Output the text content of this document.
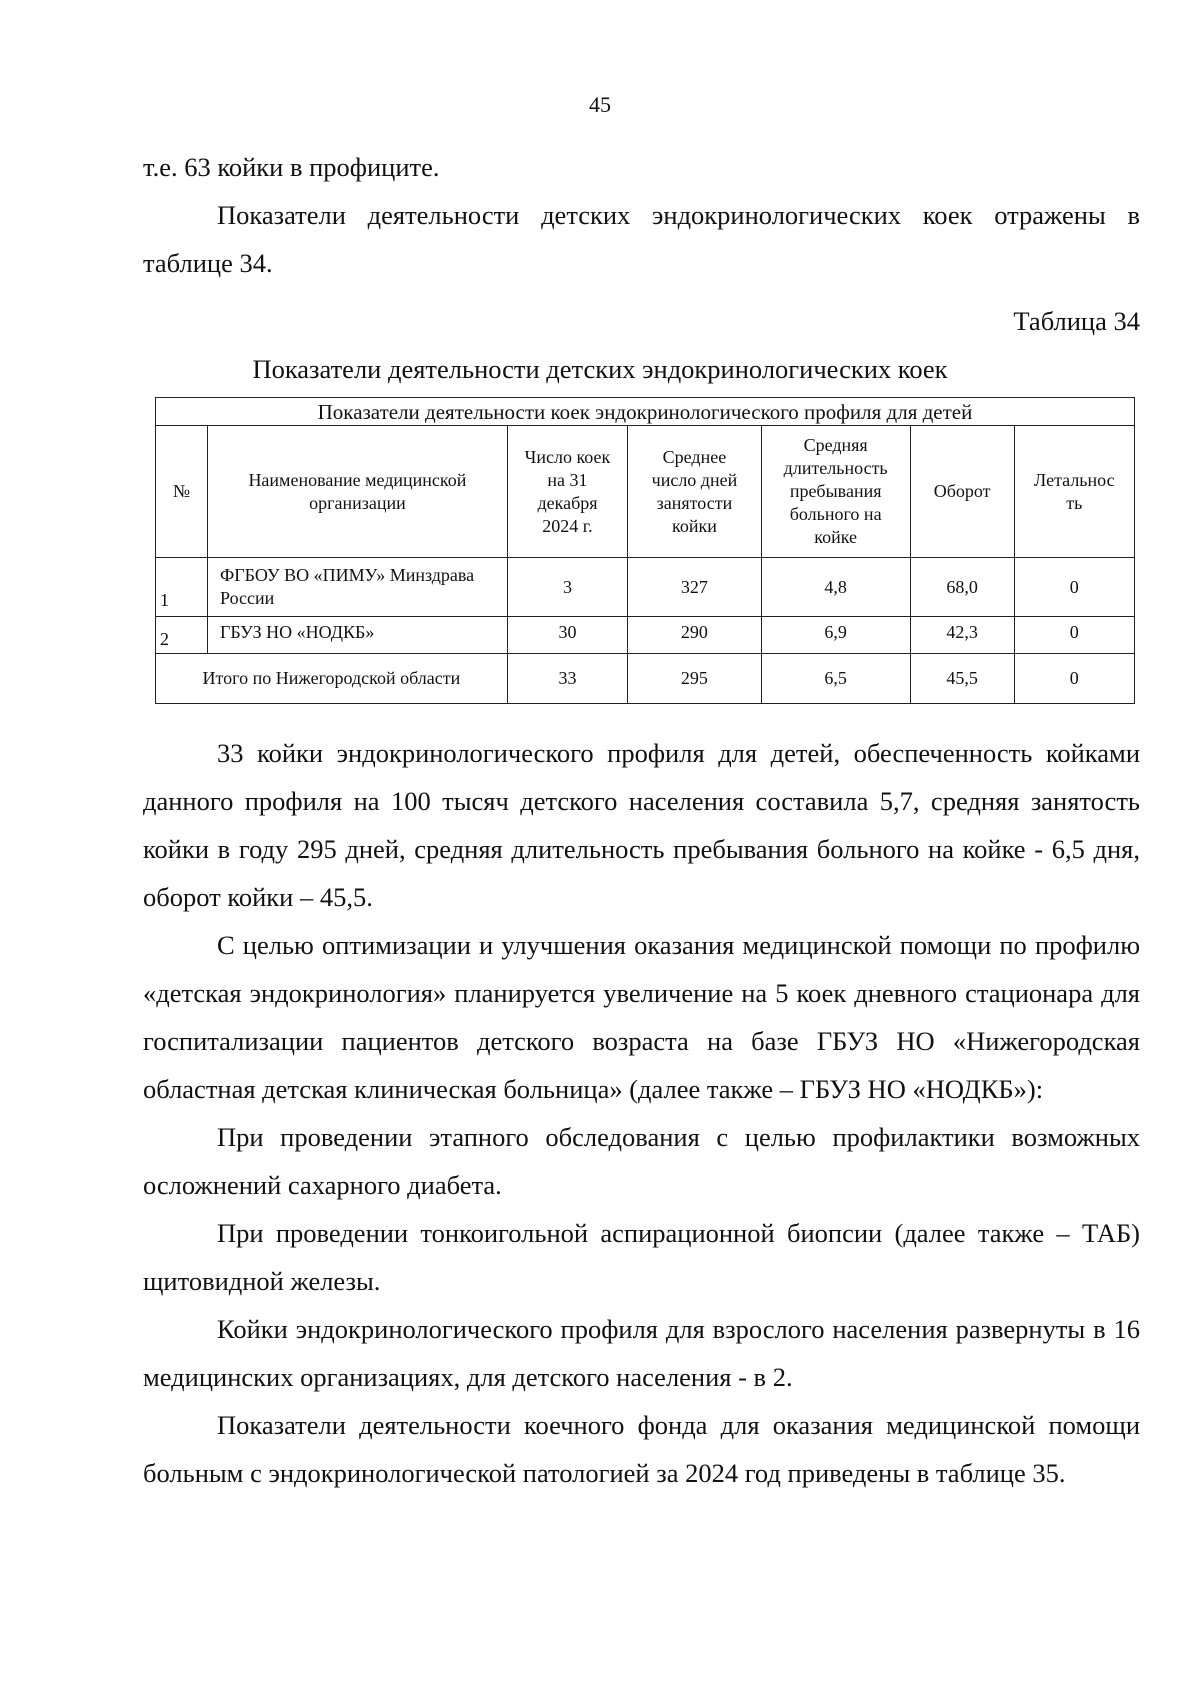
45

т.е. 63 койки в профиците.

Показатели деятельности детских эндокринологических коек отражены в таблице 34.

Таблица 34
Показатели деятельности детских эндокринологических коек
Показатели деятельности коек эндокринологического профиля для детей						
№	Наименование медицинской организации	Число коек
на 31
декабря
2024 г.	Среднее
число дней
занятости
койки	Средняя
длительность
пребывания
больного на
койке	Оборот	Летальнос
ть
1	ФГБОУ ВО «ПИМУ» Минздрава России	3	327	4,8	68,0	0
2	ГБУЗ НО «НОДКБ»	30	290	6,9	42,3	0
Итого по Нижегородской области		33	295	6,5	45,5	0

33 койки эндокринологического профиля для детей, обеспеченность койками данного профиля на 100 тысяч детского населения составила 5,7, средняя занятость койки в году 295 дней, средняя длительность пребывания больного на койке - 6,5 дня, оборот койки – 45,5.

С целью оптимизации и улучшения оказания медицинской помощи по профилю «детская эндокринология» планируется увеличение на 5 коек дневного стационара для госпитализации пациентов детского возраста на базе ГБУЗ НО «Нижегородская областная детская клиническая больница» (далее также – ГБУЗ НО «НОДКБ»):

При проведении этапного обследования с целью профилактики возможных осложнений сахарного диабета.

При проведении тонкоигольной аспирационной биопсии (далее также – ТАБ) щитовидной железы.

Койки эндокринологического профиля для взрослого населения развернуты в 16 медицинских организациях, для детского населения - в 2.

Показатели деятельности коечного фонда для оказания медицинской помощи больным с эндокринологической патологией за 2024 год приведены в таблице 35.
